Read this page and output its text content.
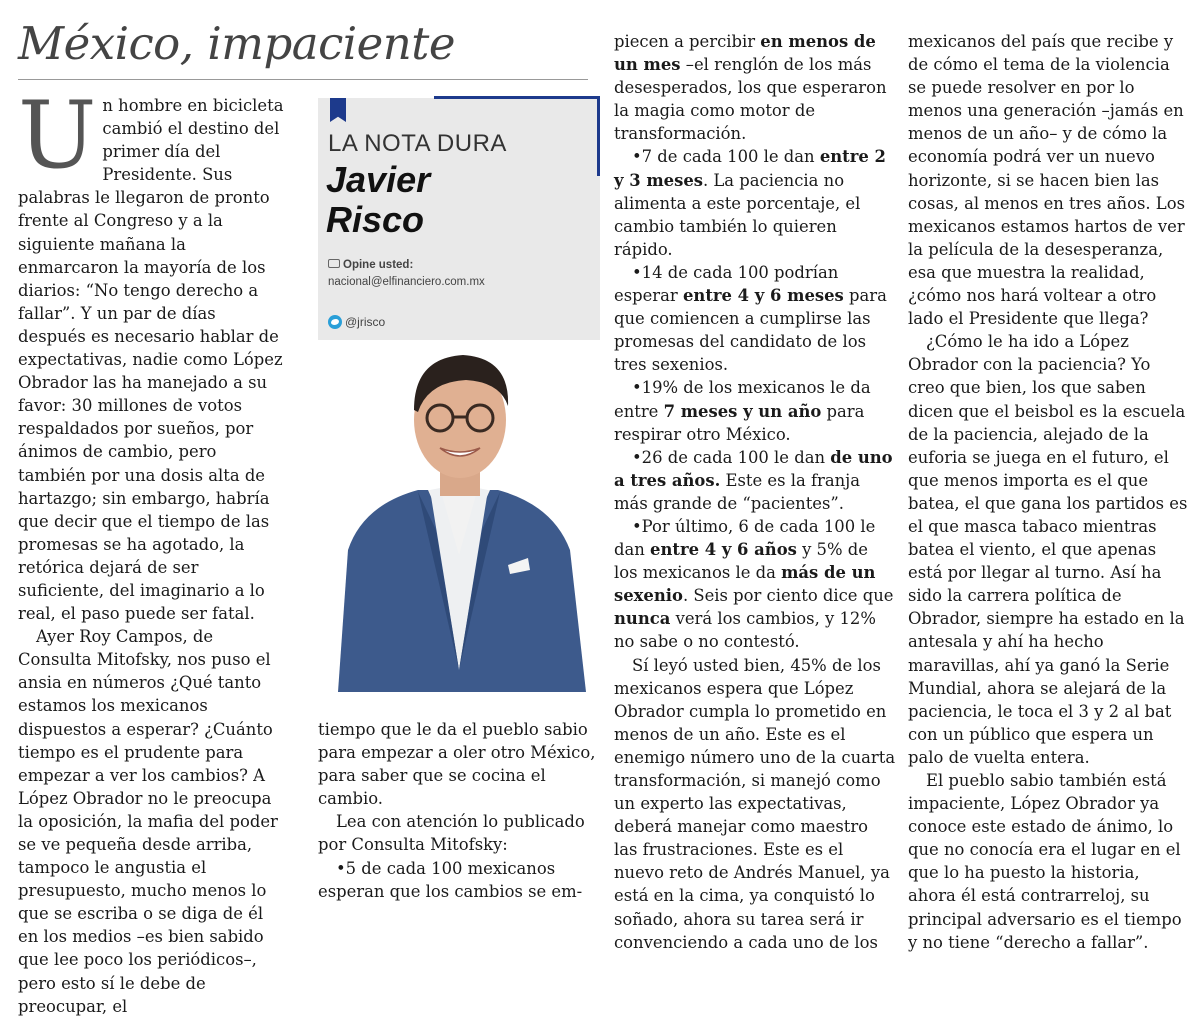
México, impaciente

Un hombre en bicicleta cambió el destino del primer día del Presidente. Sus palabras le llegaron de pronto frente al Congreso y a la siguiente mañana la enmarcaron la mayoría de los diarios: “No tengo derecho a fallar”. Y un par de días después es necesario hablar de expectativas, nadie como López Obrador las ha manejado a su favor: 30 millones de votos respaldados por sueños, por ánimos de cambio, pero también por una dosis alta de hartazgo; sin embargo, habría que decir que el tiempo de las promesas se ha agotado, la retórica dejará de ser suficiente, del imaginario a lo real, el paso puede ser fatal.

Ayer Roy Campos, de Consulta Mitofsky, nos puso el ansia en números ¿Qué tanto estamos los mexicanos dispuestos a esperar? ¿Cuánto tiempo es el prudente para empezar a ver los cambios? A López Obrador no le preocupa la oposición, la mafia del poder se ve pequeña desde arriba, tampoco le angustia el presupuesto, mucho menos lo que se escriba o se diga de él en los medios –es bien sabido que lee poco los periódicos–, pero esto sí le debe de preocupar, el

LA NOTA DURA
Javier
Risco
Opine usted:
nacional@elfinanciero.com.mx
@jrisco

tiempo que le da el pueblo sabio para empezar a oler otro México, para saber que se cocina el cambio.

Lea con atención lo publicado por Consulta Mitofsky:

•5 de cada 100 mexicanos esperan que los cambios se em-

piecen a percibir en menos de un mes –el renglón de los más desesperados, los que esperaron la magia como motor de transformación.

•7 de cada 100 le dan entre 2 y 3 meses. La paciencia no alimenta a este porcentaje, el cambio también lo quieren rápido.

•14 de cada 100 podrían esperar entre 4 y 6 meses para que comiencen a cumplirse las promesas del candidato de los tres sexenios.

•19% de los mexicanos le da entre 7 meses y un año para respirar otro México.

•26 de cada 100 le dan de uno a tres años. Este es la franja más grande de “pacientes”.

•Por último, 6 de cada 100 le dan entre 4 y 6 años y 5% de los mexicanos le da más de un sexenio. Seis por ciento dice que nunca verá los cambios, y 12% no sabe o no contestó.

Sí leyó usted bien, 45% de los mexicanos espera que López Obrador cumpla lo prometido en menos de un año. Este es el enemigo número uno de la cuarta transformación, si manejó como un experto las expectativas, deberá manejar como maestro las frustraciones. Este es el nuevo reto de Andrés Manuel, ya está en la cima, ya conquistó lo soñado, ahora su tarea será ir convenciendo a cada uno de los

mexicanos del país que recibe y de cómo el tema de la violencia se puede resolver en por lo menos una generación –jamás en menos de un año– y de cómo la economía podrá ver un nuevo horizonte, si se hacen bien las cosas, al menos en tres años. Los mexicanos estamos hartos de ver la película de la desesperanza, esa que muestra la realidad, ¿cómo nos hará voltear a otro lado el Presidente que llega?

¿Cómo le ha ido a López Obrador con la paciencia? Yo creo que bien, los que saben dicen que el beisbol es la escuela de la paciencia, alejado de la euforia se juega en el futuro, el que menos importa es el que batea, el que gana los partidos es el que masca tabaco mientras batea el viento, el que apenas está por llegar al turno. Así ha sido la carrera política de Obrador, siempre ha estado en la antesala y ahí ha hecho maravillas, ahí ya ganó la Serie Mundial, ahora se alejará de la paciencia, le toca el 3 y 2 al bat con un público que espera un palo de vuelta entera.

El pueblo sabio también está impaciente, López Obrador ya conoce este estado de ánimo, lo que no conocía era el lugar en el que lo ha puesto la historia, ahora él está contrarreloj, su principal adversario es el tiempo y no tiene “derecho a fallar”.
